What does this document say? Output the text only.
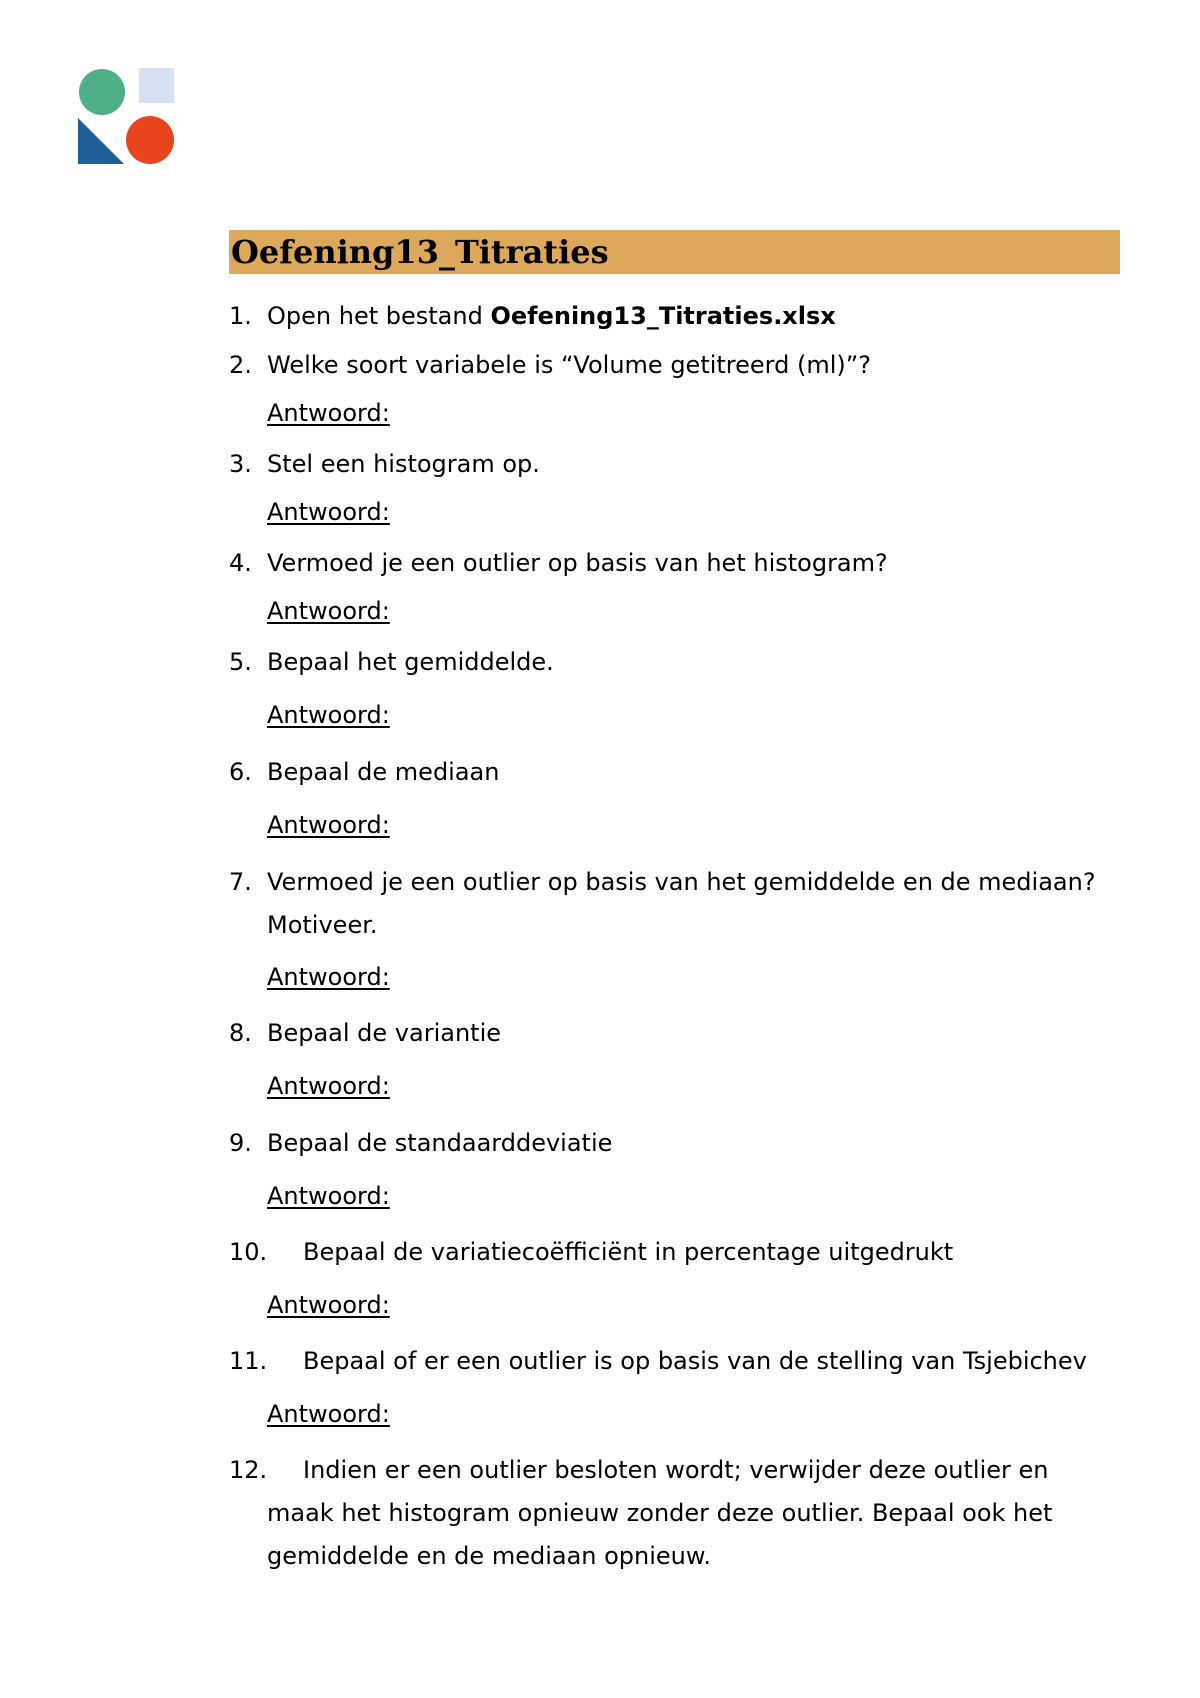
Oefening13_Titraties
1. Open het bestand Oefening13_Titraties.xlsx
2. Welke soort variabele is “Volume getitreerd (ml)”?
Antwoord:
3. Stel een histogram op.
Antwoord:
4. Vermoed je een outlier op basis van het histogram?
Antwoord:
5. Bepaal het gemiddelde.
Antwoord:
6. Bepaal de mediaan
Antwoord:
7. Vermoed je een outlier op basis van het gemiddelde en de mediaan? Motiveer.
Antwoord:
8. Bepaal de variantie
Antwoord:
9. Bepaal de standaarddeviatie
Antwoord:
10. Bepaal de variatiecoëfficiënt in percentage uitgedrukt
Antwoord:
11. Bepaal of er een outlier is op basis van de stelling van Tsjebichev
Antwoord:
12.	Indien er een outlier besloten wordt; verwijder deze outlier en maak het histogram opnieuw zonder deze outlier. Bepaal ook het gemiddelde en de mediaan opnieuw.
